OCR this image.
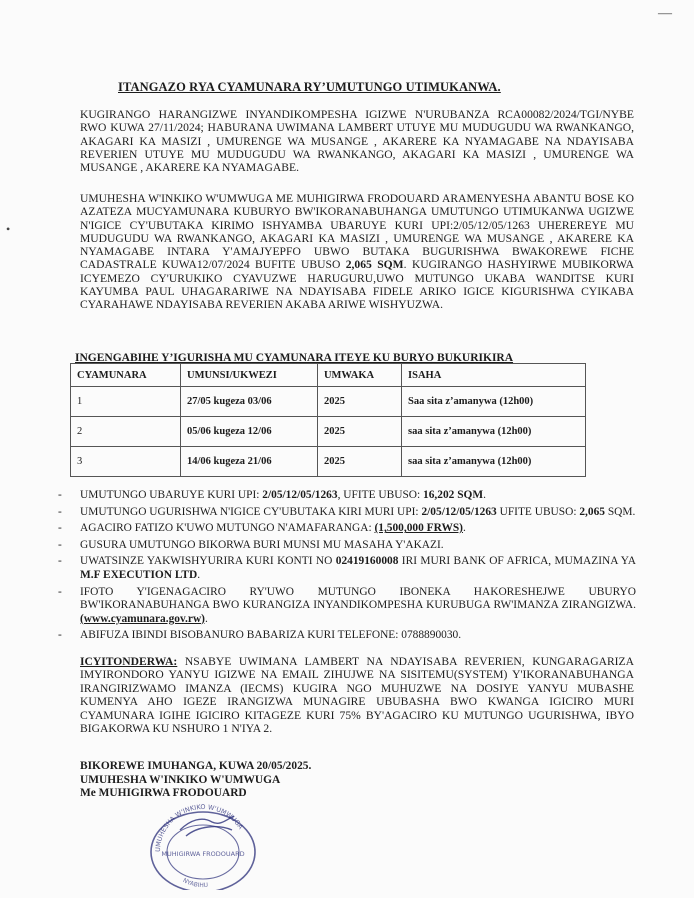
—
•
ITANGAZO RYA CYAMUNARA RY’UMUTUNGO UTIMUKANWA.
KUGIRANGO HARANGIZWE INYANDIKOMPESHA IGIZWE N'URUBANZA RCA00082/2024/TGI/NYBE RWO KUWA 27/11/2024; HABURANA UWIMANA LAMBERT UTUYE MU MUDUGUDU WA RWANKANGO, AKAGARI KA MASIZI , UMURENGE WA MUSANGE , AKARERE KA NYAMAGABE NA NDAYISABA REVERIEN UTUYE MU MUDUGUDU WA RWANKANGO, AKAGARI KA MASIZI , UMURENGE WA MUSANGE , AKARERE KA NYAMAGABE.
UMUHESHA W'INKIKO W'UMWUGA ME MUHIGIRWA FRODOUARD ARAMENYESHA ABANTU BOSE KO AZATEZA MUCYAMUNARA KUBURYO BW'IKORANABUHANGA UMUTUNGO UTIMUKANWA UGIZWE N'IGICE CY'UBUTAKA KIRIMO ISHYAMBA UBARUYE KURI UPI:2/05/12/05/1263 UHEREREYE MU MUDUGUDU WA RWANKANGO, AKAGARI KA MASIZI , UMURENGE WA MUSANGE , AKARERE KA NYAMAGABE INTARA Y'AMAJYEPFO UBWO BUTAKA BUGURISHWA BWAKOREWE FICHE CADASTRALE KUWA12/07/2024 BUFITE UBUSO 2,065 SQM. KUGIRANGO HASHYIRWE MUBIKORWA ICYEMEZO CY'URUKIKO CYAVUZWE HARUGURU,UWO MUTUNGO UKABA WANDITSE KURI KAYUMBA PAUL UHAGARARIWE NA NDAYISABA FIDELE ARIKO IGICE KIGURISHWA CYIKABA CYARAHAWE NDAYISABA REVERIEN AKABA ARIWE WISHYUZWA.
INGENGABIHE Y’IGURISHA MU CYAMUNARA ITEYE KU BURYO BUKURIKIRA
CYAMUNARA	UMUNSI/UKWEZI	UMWAKA	ISAHA
1	27/05 kugeza 03/06	2025	Saa sita z’amanywa (12h00)
2	05/06 kugeza 12/06	2025	saa sita z’amanywa (12h00)
3	14/06 kugeza 21/06	2025	saa sita z’amanywa (12h00)
-	UMUTUNGO UBARUYE KURI UPI: 2/05/12/05/1263, UFITE UBUSO: 16,202 SQM.
-	UMUTUNGO UGURISHWA N'IGICE CY'UBUTAKA KIRI MURI UPI: 2/05/12/05/1263 UFITE UBUSO: 2,065 SQM.
-	AGACIRO FATIZO K'UWO MUTUNGO N'AMAFARANGA: (1,500,000 FRWS).
-	GUSURA UMUTUNGO BIKORWA BURI MUNSI MU MASAHA Y'AKAZI.
-	UWATSINZE YAKWISHYURIRA KURI KONTI NO 02419160008 IRI MURI BANK OF AFRICA, MUMAZINA YA M.F EXECUTION LTD.
-	IFOTO Y'IGENAGACIRO RY'UWO MUTUNGO IBONEKA HAKORESHEJWE UBURYO BW'IKORANABUHANGA BWO KURANGIZA INYANDIKOMPESHA KURUBUGA RW'IMANZA ZIRANGIZWA. (www.cyamunara.gov.rw).
-	ABIFUZA IBINDI BISOBANURO BABARIZA KURI TELEFONE: 0788890030.
ICYITONDERWA: NSABYE UWIMANA LAMBERT NA NDAYISABA REVERIEN, KUNGARAGARIZA IMYIRONDORO YANYU IGIZWE NA EMAIL ZIHUJWE NA SISITEMU(SYSTEM) Y'IKORANABUHANGA IRANGIRIZWAMO IMANZA (IECMS) KUGIRA NGO MUHUZWE NA DOSIYE YANYU MUBASHE KUMENYA AHO IGEZE IRANGIZWA MUNAGIRE UBUBASHA BWO KWANGA IGICIRO MURI CYAMUNARA IGIHE IGICIRO KITAGEZE KURI 75% BY'AGACIRO KU MUTUNGO UGURISHWA, IBYO BIGAKORWA KU NSHURO 1 N'IYA 2.
BIKOREWE IMUHANGA, KUWA 20/05/2025.
UMUHESHA W'INKIKO W'UMWUGA
Me MUHIGIRWA FRODOUARD
UMUHESHA W'INKIKO W'UMWUGA
NYABIHU
MUHIGIRWA FRODOUARD
